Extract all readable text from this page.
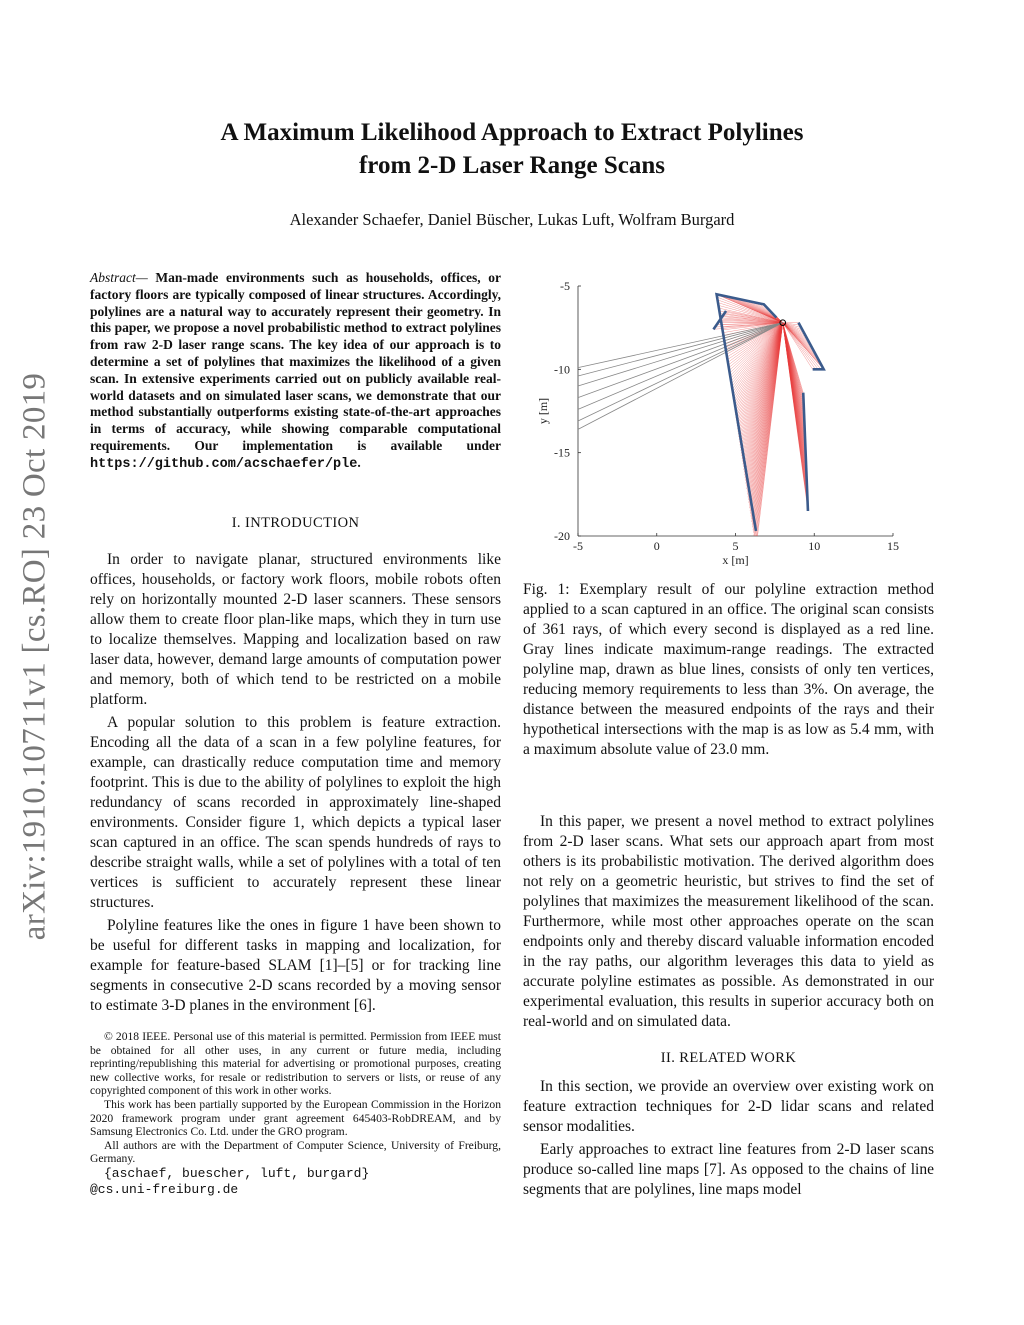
arXiv:1910.10711v1 [cs.RO] 23 Oct 2019
A Maximum Likelihood Approach to Extract Polylines
from 2-D Laser Range Scans
Alexander Schaefer, Daniel Büscher, Lukas Luft, Wolfram Burgard
Abstract— Man-made environments such as households, offices, or factory floors are typically composed of linear structures. Accordingly, polylines are a natural way to accurately represent their geometry. In this paper, we propose a novel probabilistic method to extract polylines from raw 2-D laser range scans. The key idea of our approach is to determine a set of polylines that maximizes the likelihood of a given scan. In extensive experiments carried out on publicly available real-world datasets and on simulated laser scans, we demonstrate that our method substantially outperforms existing state-of-the-art approaches in terms of accuracy, while showing comparable computational requirements. Our implementation is available under https://github.com/acschaefer/ple.
I. INTRODUCTION

In order to navigate planar, structured environments like offices, households, or factory work floors, mobile robots often rely on horizontally mounted 2-D laser scanners. These sensors allow them to create floor plan-like maps, which they in turn use to localize themselves. Mapping and localization based on raw laser data, however, demand large amounts of computation power and memory, both of which tend to be restricted on a mobile platform.

A popular solution to this problem is feature extraction. Encoding all the data of a scan in a few polyline features, for example, can drastically reduce computation time and memory footprint. This is due to the ability of polylines to exploit the high redundancy of scans recorded in approximately line-shaped environments. Consider figure 1, which depicts a typical laser scan captured in an office. The scan spends hundreds of rays to describe straight walls, while a set of polylines with a total of ten vertices is sufficient to accurately represent these linear structures.

Polyline features like the ones in figure 1 have been shown to be useful for different tasks in mapping and localization, for example for feature-based SLAM [1]–[5] or for tracking line segments in consecutive 2-D scans recorded by a moving sensor to estimate 3-D planes in the environment [6].

© 2018 IEEE. Personal use of this material is permitted. Permission from IEEE must be obtained for all other uses, in any current or future media, including reprinting/republishing this material for advertising or promotional purposes, creating new collective works, for resale or redistribution to servers or lists, or reuse of any copyrighted component of this work in other works.

This work has been partially supported by the European Commission in the Horizon 2020 framework program under grant agreement 645403-RobDREAM, and by Samsung Electronics Co. Ltd. under the GRO program.

All authors are with the Department of Computer Science, University of Freiburg, Germany.

{aschaef, buescher, luft, burgard}

@cs.uni-freiburg.de
-5	0	5	10	15
-5
-10
-15
-20
x [m]
y [m]

Fig. 1: Exemplary result of our polyline extraction method applied to a scan captured in an office. The original scan consists of 361 rays, of which every second is displayed as a red line. Gray lines indicate maximum-range readings. The extracted polyline map, drawn as blue lines, consists of only ten vertices, reducing memory requirements to less than 3%. On average, the distance between the measured endpoints of the rays and their hypothetical intersections with the map is as low as 5.4 mm, with a maximum absolute value of 23.0 mm.

In this paper, we present a novel method to extract polylines from 2-D laser scans. What sets our approach apart from most others is its probabilistic motivation. The derived algorithm does not rely on a geometric heuristic, but strives to find the set of polylines that maximizes the measurement likelihood of the scan. Furthermore, while most other approaches operate on the scan endpoints only and thereby discard valuable information encoded in the ray paths, our algorithm leverages this data to yield as accurate polyline estimates as possible. As demonstrated in our experimental evaluation, this results in superior accuracy both on real-world and on simulated data.

II. RELATED WORK

In this section, we provide an overview over existing work on feature extraction techniques for 2-D lidar scans and related sensor modalities.

Early approaches to extract line features from 2-D laser scans produce so-called line maps [7]. As opposed to the chains of line segments that are polylines, line maps model
